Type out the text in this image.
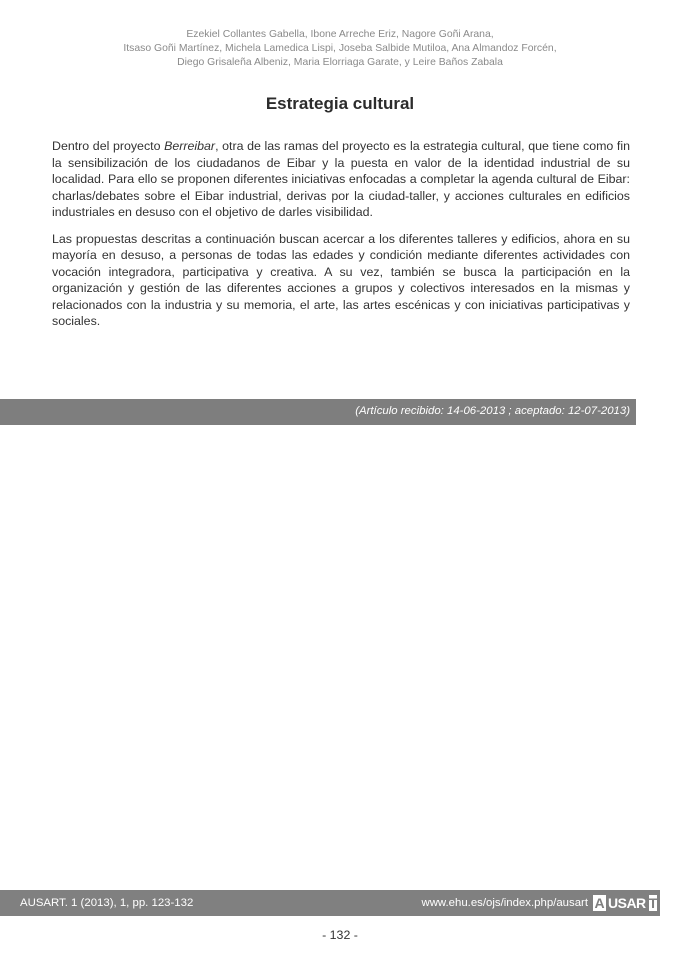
Ezekiel Collantes Gabella, Ibone Arreche Eriz, Nagore Goñi Arana,
Itsaso Goñi Martínez, Michela Lamedica Lispi, Joseba Salbide Mutiloa, Ana Almandoz Forcén,
Diego Grisaleña Albeniz, Maria Elorriaga Garate, y Leire Baños Zabala
Estrategia cultural

Dentro del proyecto Berreibar, otra de las ramas del proyecto es la estrategia cultural, que tiene como fin la sensibilización de los ciudadanos de Eibar y la puesta en valor de la identidad industrial de su localidad. Para ello se proponen diferentes iniciativas enfocadas a completar la agenda cultural de Eibar: charlas/debates sobre el Eibar industrial, derivas por la ciudad-taller, y acciones culturales en edificios industriales en desuso con el objetivo de darles visibilidad.

Las propuestas descritas a continuación buscan acercar a los diferentes talleres y edificios, ahora en su mayoría en desuso, a personas de todas las edades y condición mediante diferentes actividades con vocación integradora, participativa y creativa. A su vez, también se busca la participación en la organización y gestión de las diferentes acciones a grupos y colectivos interesados en la mismas y relacionados con la industria y su memoria, el arte, las artes escénicas y con iniciativas participativas y sociales.

(Artículo recibido: 14-06-2013 ; aceptado: 12-07-2013)
AUSART. 1 (2013), 1, pp. 123-132	www.ehu.es/ojs/index.php/ausart A USAR T
- 132 -
